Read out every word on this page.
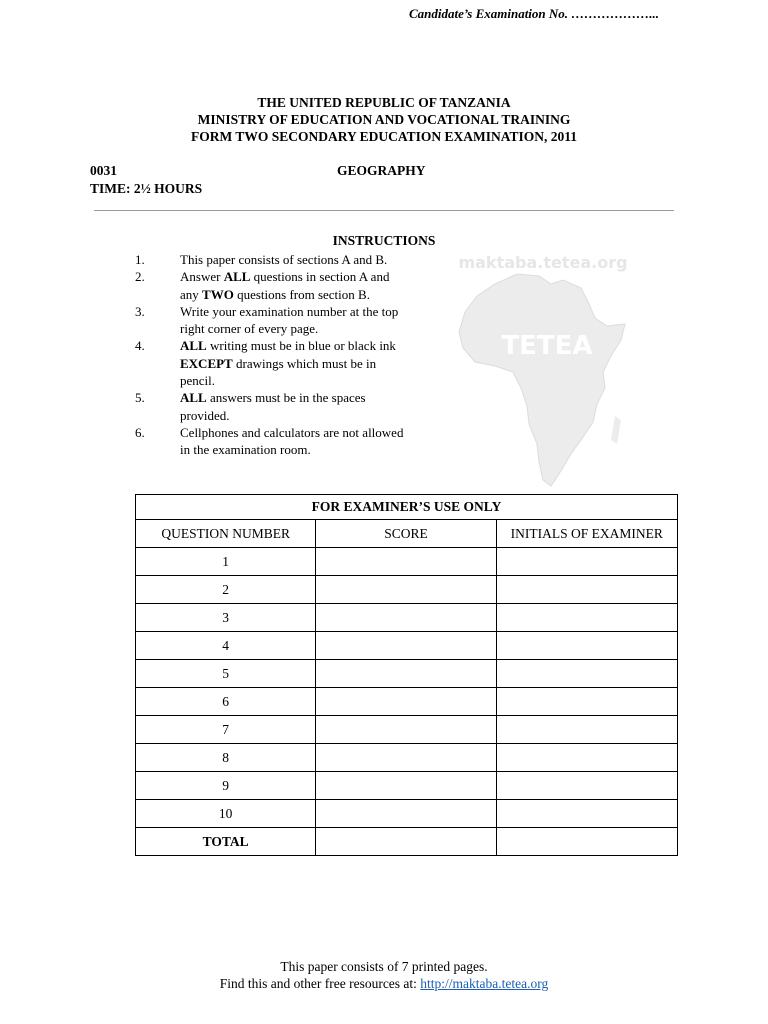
Candidate’s Examination No. ………………...
THE UNITED REPUBLIC OF TANZANIA
MINISTRY OF EDUCATION AND VOCATIONAL TRAINING
FORM TWO SECONDARY EDUCATION EXAMINATION, 2011
0031	GEOGRAPHY
TIME: 2½ HOURS
INSTRUCTIONS
1.	This paper consists of sections A and B.
2.	Answer ALL questions in section A and any TWO questions from section B.
3.	Write your examination number at the top right corner of every page.
4.	ALL writing must be in blue or black ink EXCEPT drawings which must be in pencil.
5.	ALL answers must be in the spaces provided.
6.	Cellphones and calculators are not allowed in the examination room.
maktaba.tetea.org
TETEA
FOR EXAMINER’S USE ONLY		
QUESTION NUMBER	SCORE	INITIALS OF EXAMINER
1		
2		
3		
4		
5		
6		
7		
8		
9		
10		
TOTAL		
This paper consists of 7 printed pages.
Find this and other free resources at: http://maktaba.tetea.org
